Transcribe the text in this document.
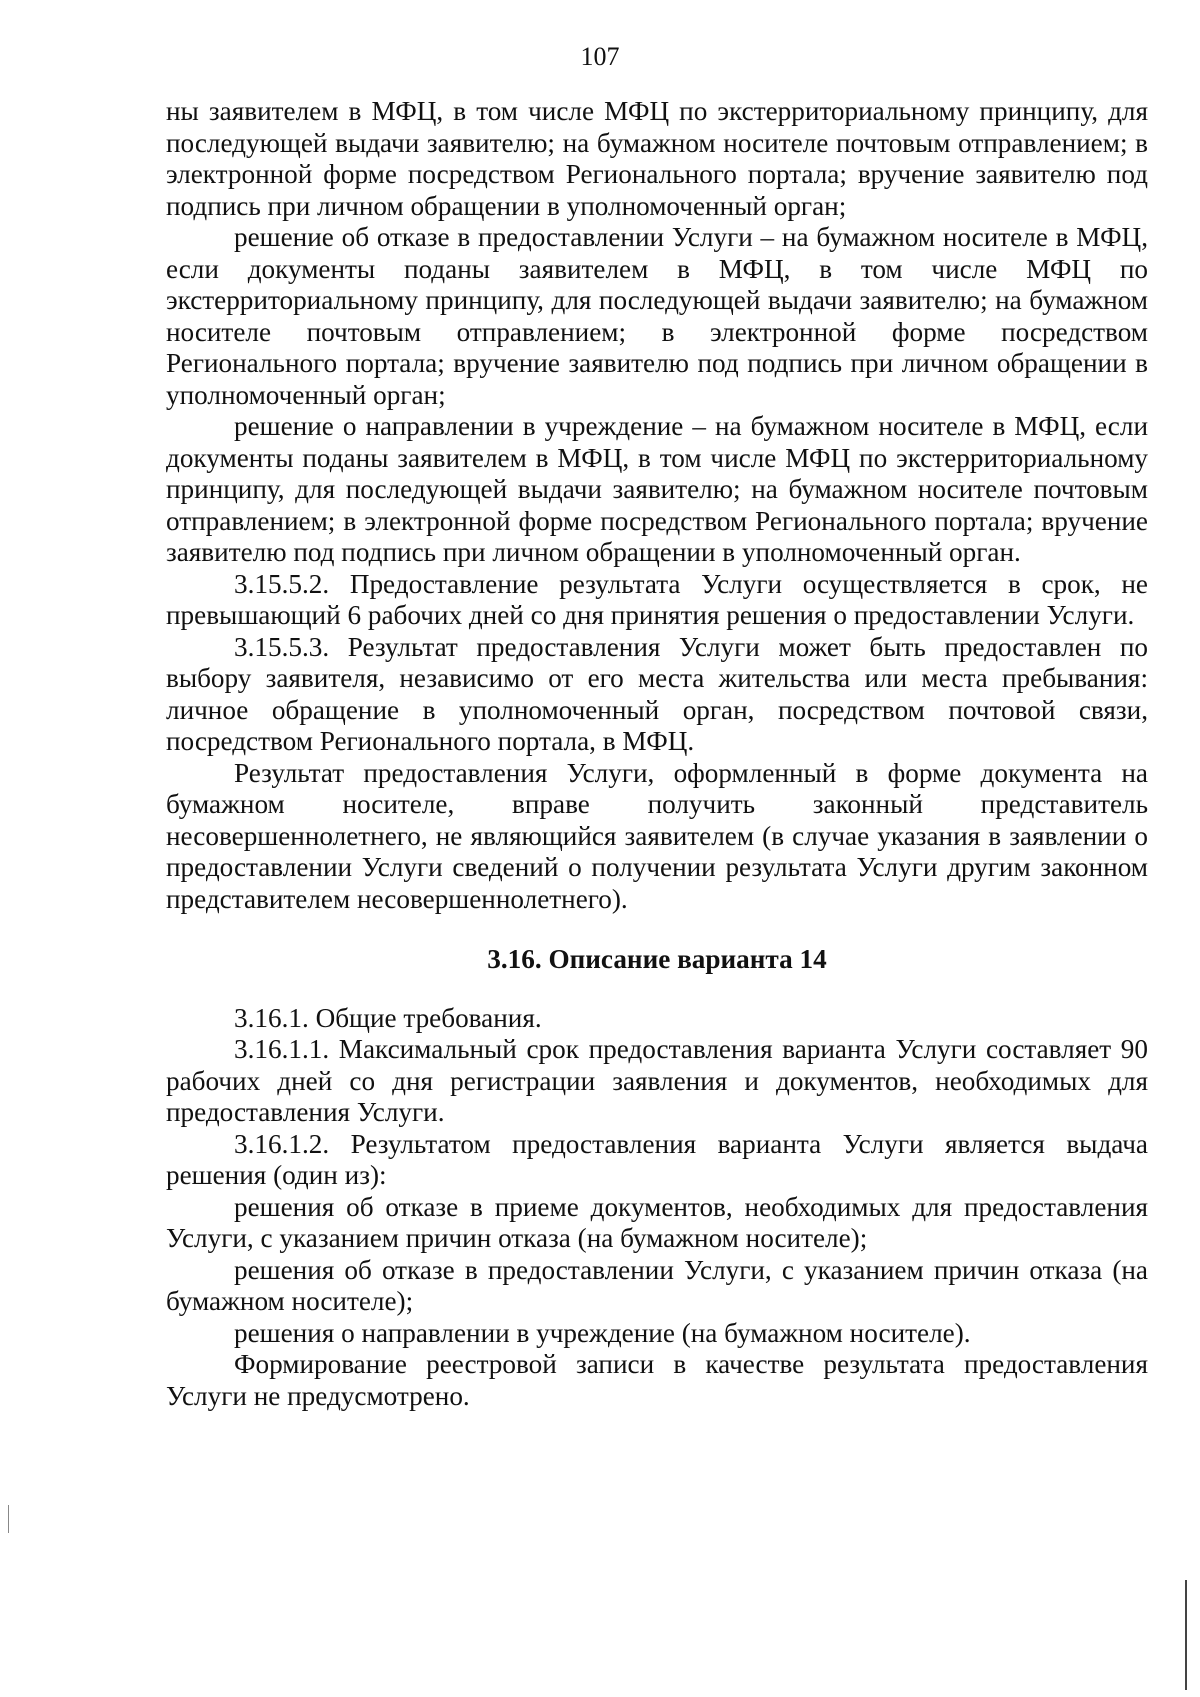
107

ны заявителем в МФЦ, в том числе МФЦ по экстерриториальному принципу, для последующей выдачи заявителю; на бумажном носителе почтовым отправлением; в электронной форме посредством Регионального портала; вручение заявителю под подпись при личном обращении в уполномоченный орган;

решение об отказе в предоставлении Услуги – на бумажном носителе в МФЦ, если документы поданы заявителем в МФЦ, в том числе МФЦ по экстерриториальному принципу, для последующей выдачи заявителю; на бумажном носителе почтовым отправлением; в электронной форме посредством Регионального портала; вручение заявителю под подпись при личном обращении в уполномоченный орган;

решение о направлении в учреждение – на бумажном носителе в МФЦ, если документы поданы заявителем в МФЦ, в том числе МФЦ по экстерриториальному принципу, для последующей выдачи заявителю; на бумажном носителе почтовым отправлением; в электронной форме посредством Регионального портала; вручение заявителю под подпись при личном обращении в уполномоченный орган.

3.15.5.2. Предоставление результата Услуги осуществляется в срок, не превышающий 6 рабочих дней со дня принятия решения о предоставлении Услуги.

3.15.5.3. Результат предоставления Услуги может быть предоставлен по выбору заявителя, независимо от его места жительства или места пребывания: личное обращение в уполномоченный орган, посредством почтовой связи, посредством Регионального портала, в МФЦ.

Результат предоставления Услуги, оформленный в форме документа на бумажном носителе, вправе получить законный представитель несовершеннолетнего, не являющийся заявителем (в случае указания в заявлении о предоставлении Услуги сведений о получении результата Услуги другим законном представителем несовершеннолетнего).

3.16. Описание варианта 14

3.16.1. Общие требования.

3.16.1.1. Максимальный срок предоставления варианта Услуги составляет 90 рабочих дней со дня регистрации заявления и документов, необходимых для предоставления Услуги.

3.16.1.2. Результатом предоставления варианта Услуги является выдача решения (один из):

решения об отказе в приеме документов, необходимых для предоставления Услуги, с указанием причин отказа (на бумажном носителе);

решения об отказе в предоставлении Услуги, с указанием причин отказа (на бумажном носителе);

решения о направлении в учреждение (на бумажном носителе).

Формирование реестровой записи в качестве результата предоставления Услуги не предусмотрено.
